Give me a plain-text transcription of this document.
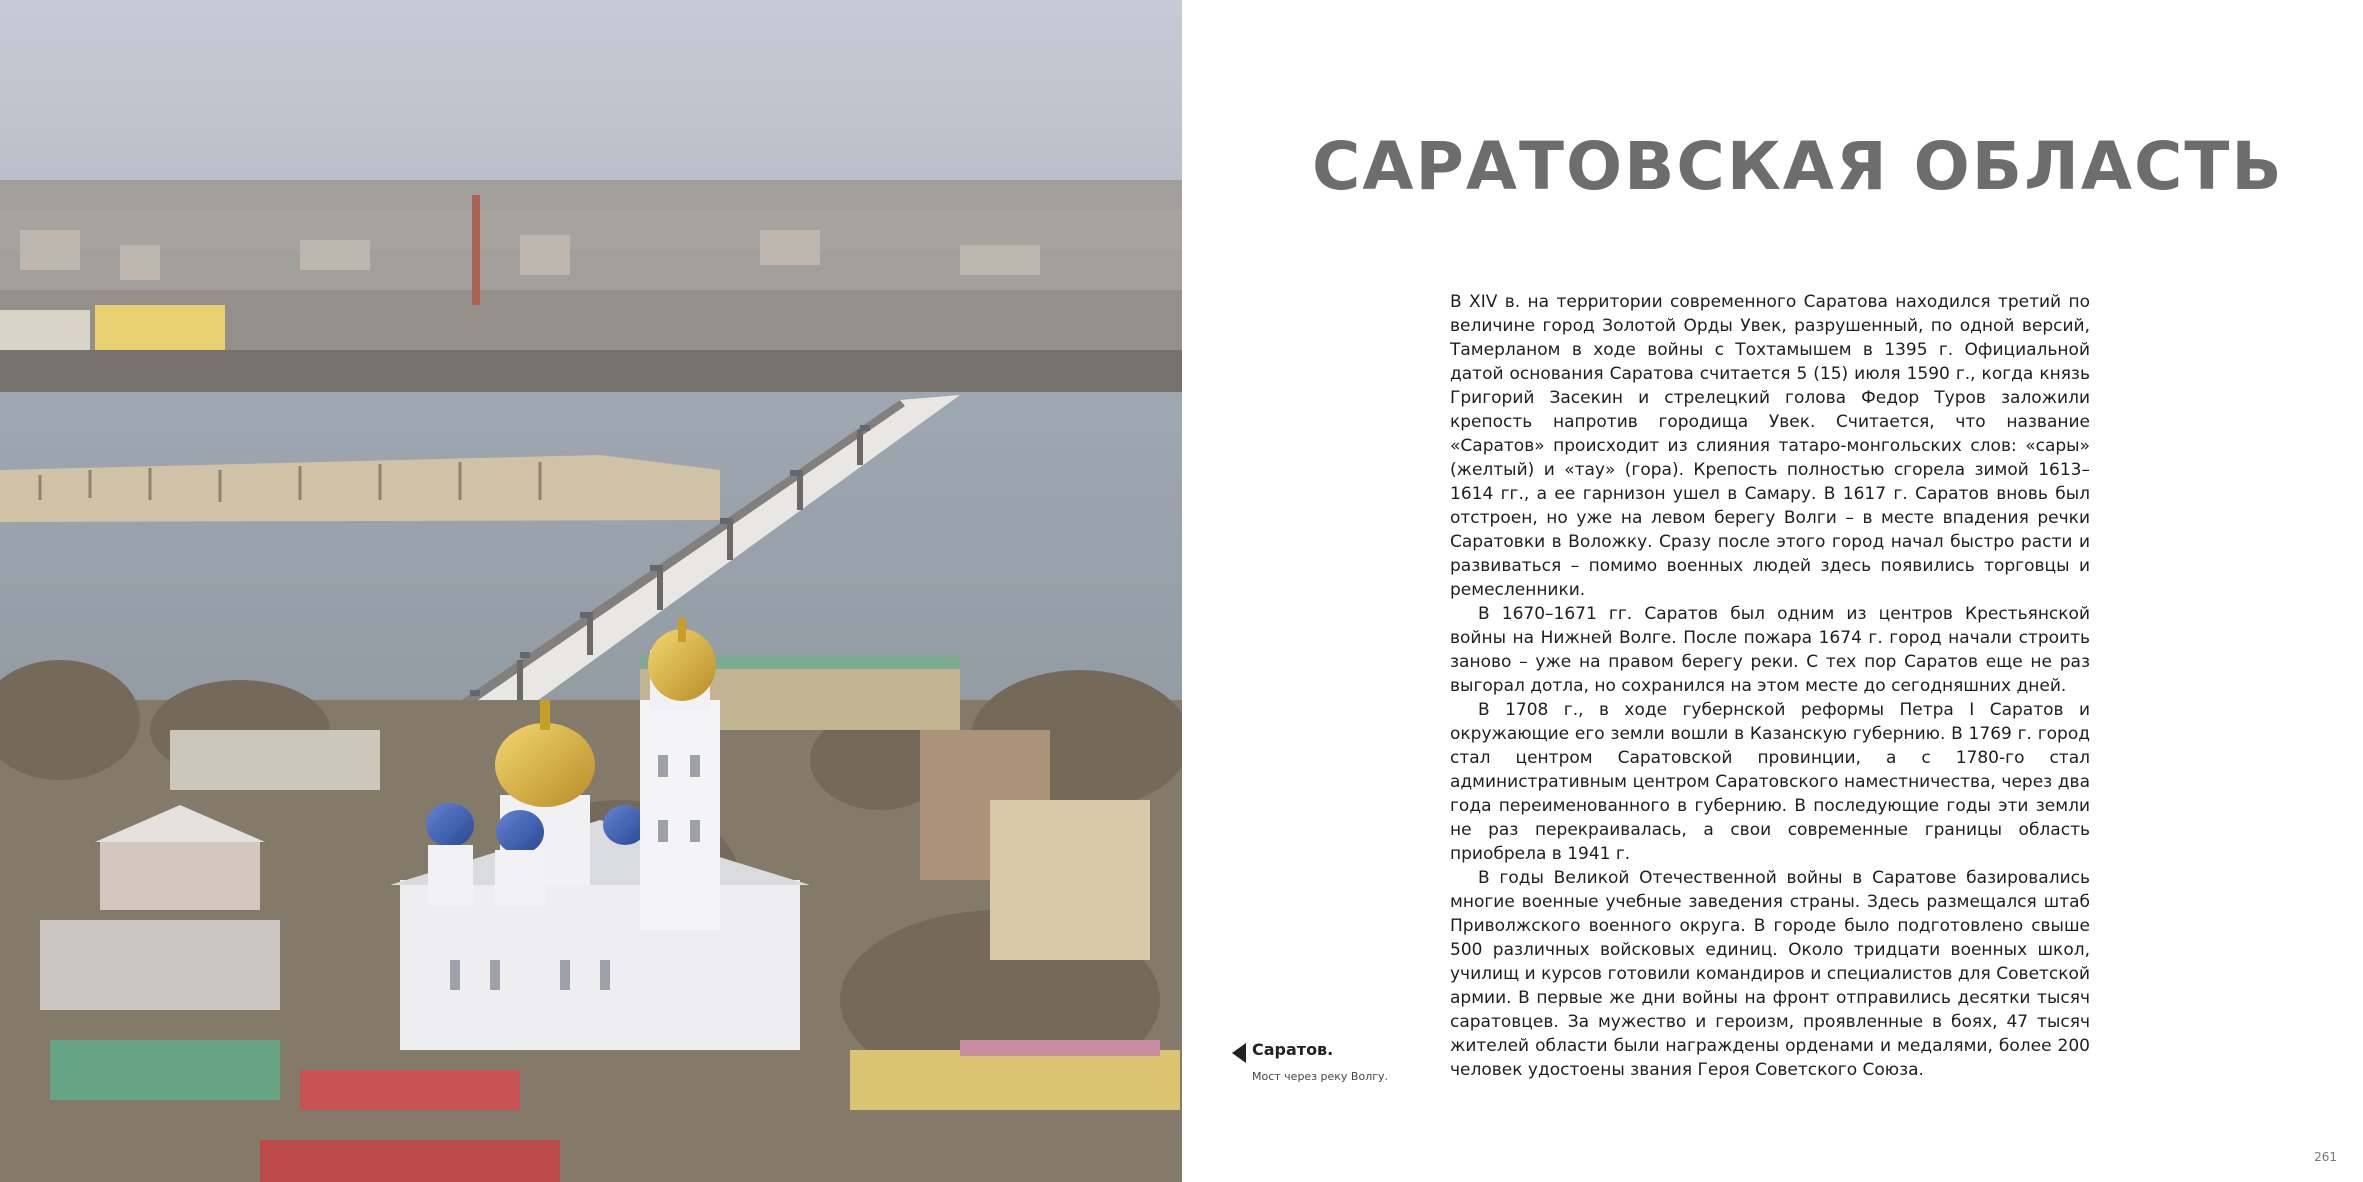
САРАТОВСКАЯ ОБЛАСТЬ

В XIV в. на территории современного Саратова находился третий по величине город Золотой Орды Увек, разрушенный, по одной версий, Тамерланом в ходе войны с Тохтамышем в 1395 г. Официальной датой основания Саратова считается 5 (15) июля 1590 г., когда князь Григорий Засекин и стрелецкий голова Федор Туров заложили крепость напротив городища Увек. Считается, что название «Саратов» происходит из слияния татаро-монгольских слов: «сары» (желтый) и «тау» (гора). Крепость полностью сгорела зимой 1613–1614 гг., а ее гарнизон ушел в Самару. В 1617 г. Саратов вновь был отстроен, но уже на левом берегу Волги – в месте впадения речки Саратовки в Воложку. Сразу после этого город начал быстро расти и развиваться – помимо военных людей здесь появились торговцы и ремесленники.

В 1670–1671 гг. Саратов был одним из центров Крестьянской войны на Нижней Волге. После пожара 1674 г. город начали строить заново – уже на правом берегу реки. С тех пор Саратов еще не раз выгорал дотла, но сохранился на этом месте до сегодняшних дней.

В 1708 г., в ходе губернской реформы Петра I Саратов и окружающие его земли вошли в Казанскую губернию. В 1769 г. город стал центром Саратовской провинции, а с 1780-го стал административным центром Саратовского наместничества, через два года переименованного в губернию. В последующие годы эти земли не раз перекраивалась, а свои современные границы область приобрела в 1941 г.

В годы Великой Отечественной войны в Саратове базировались многие военные учебные заведения страны. Здесь размещался штаб Приволжского военного округа. В городе было подготовлено свыше 500 различных войсковых единиц. Около тридцати военных школ, училищ и курсов готовили командиров и специалистов для Советской армии. В первые же дни войны на фронт отправились десятки тысяч саратовцев. За мужество и героизм, проявленные в боях, 47 тысяч жителей области были награждены орденами и медалями, более 200 человек удостоены звания Героя Советского Союза.

Саратов.
Мост через реку Волгу.
261
